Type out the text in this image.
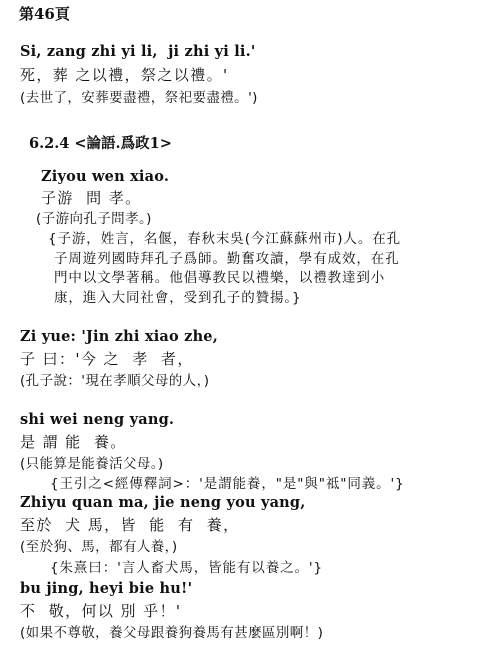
第46頁
Si, zang zhi yi li,  ji zhi yi li.'
死，葬 之以禮，祭之以禮。'
(去世了，安葬要盡禮，祭祀要盡禮。')
6.2.4 <論語.爲政1>
Ziyou wen xiao.
子游  問 孝。
(子游向孔子問孝。)
{子游，姓言，名偃，春秋末吳(今江蘇蘇州市)人。在孔
子周遊列國時拜孔子爲師。勤奮攻讀，學有成效，在孔
門中以文學著稱。他倡導教民以禮樂，以禮教達到小
康，進入大同社會，受到孔子的贊揚。}
Zi yue: 'Jin zhi xiao zhe,
子 曰：'今 之  孝  者，
(孔子說：'現在孝順父母的人，)
shi wei neng yang.
是 謂 能  養。
(只能算是能養活父母。)
{王引之<經傳釋詞>：'是謂能養，"是"與"祗"同義。'}
Zhiyu quan ma, jie neng you yang,
至於  犬 馬，皆  能  有  養，
(至於狗、馬，都有人養，)
{朱熹曰：'言人畜犬馬，皆能有以養之。'}
bu jing, heyi bie hu!'
不  敬，何以 別 乎！'
(如果不尊敬，養父母跟養狗養馬有甚麼區別啊！)
